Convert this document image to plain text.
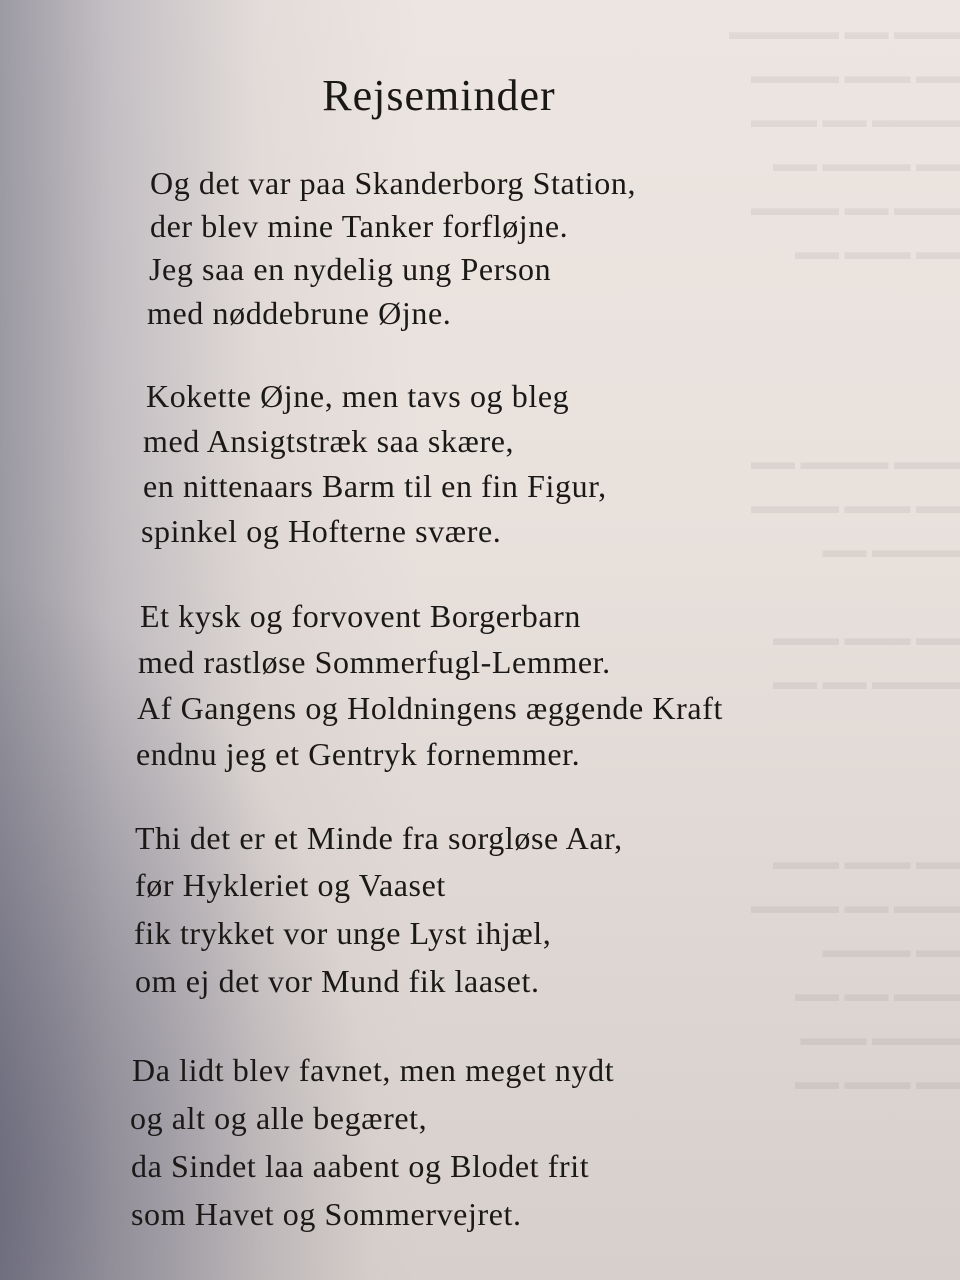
▬▬▬ ▬▬ ▬▬▬▬▬
▬▬ ▬▬▬ ▬▬▬▬
▬▬▬▬ ▬▬ ▬▬▬
▬▬ ▬▬▬▬ ▬▬
▬▬▬ ▬▬ ▬▬▬▬
▬▬ ▬▬▬ ▬▬
▬▬▬ ▬▬▬▬ ▬▬
▬▬ ▬▬▬ ▬▬▬▬
▬▬▬▬ ▬▬

▬▬ ▬▬▬ ▬▬▬
▬▬▬▬ ▬▬ ▬▬
▬▬ ▬▬▬ ▬▬▬
▬▬▬ ▬▬ ▬▬▬▬
▬▬ ▬▬▬▬
▬▬▬ ▬▬ ▬▬
▬▬▬▬ ▬▬▬
▬▬ ▬▬▬ ▬▬
Rejseminder
Og det var paa Skanderborg Station,
der blev mine Tanker forfløjne.
Jeg saa en nydelig ung Person
med nøddebrune Øjne.
Kokette Øjne, men tavs og bleg
med Ansigtstræk saa skære,
en nittenaars Barm til en fin Figur,
spinkel og Hofterne svære.
Et kysk og forvovent Borgerbarn
med rastløse Sommerfugl-Lemmer.
Af Gangens og Holdningens æggende Kraft
endnu jeg et Gentryk fornemmer.
Thi det er et Minde fra sorgløse Aar,
før Hykleriet og Vaaset
fik trykket vor unge Lyst ihjæl,
om ej det vor Mund fik laaset.
Da lidt blev favnet, men meget nydt
og alt og alle begæret,
da Sindet laa aabent og Blodet frit
som Havet og Sommervejret.
